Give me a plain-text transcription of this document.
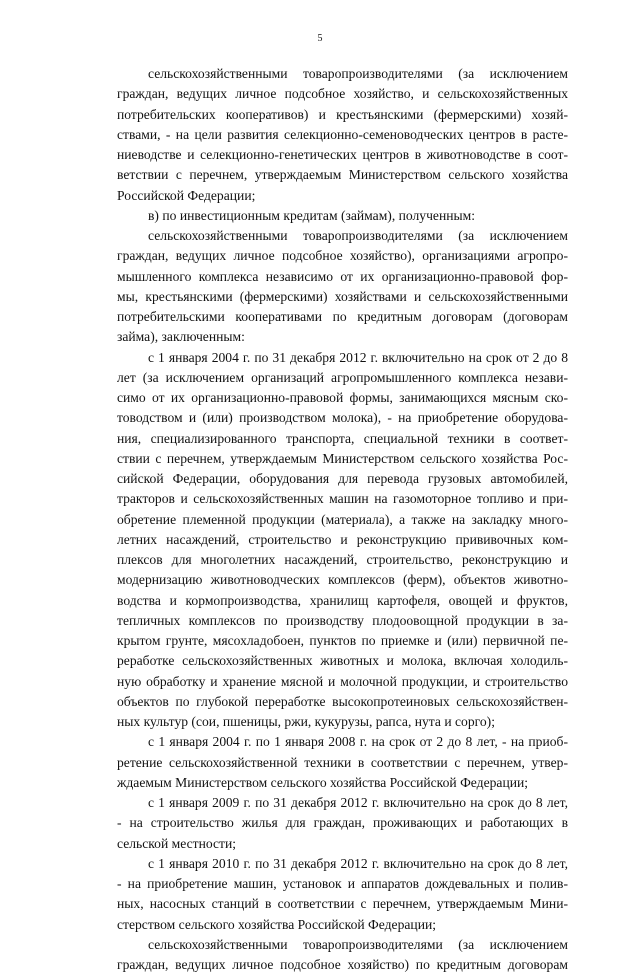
5
сельскохозяйственными товаропроизводителями (за исключением
граждан, ведущих личное подсобное хозяйство, и сельскохозяйственных
потребительских кооперативов) и крестьянскими (фермерскими) хозяй-
ствами, - на цели развития селекционно-семеноводческих центров в расте-
ниеводстве и селекционно-генетических центров в животноводстве в соот-
ветствии с перечнем, утверждаемым Министерством сельского хозяйства
Российской Федерации;
в) по инвестиционным кредитам (займам), полученным:
сельскохозяйственными товаропроизводителями (за исключением
граждан, ведущих личное подсобное хозяйство), организациями агропро-
мышленного комплекса независимо от их организационно-правовой фор-
мы, крестьянскими (фермерскими) хозяйствами и сельскохозяйственными
потребительскими кооперативами по кредитным договорам (договорам
займа), заключенным:
с 1 января 2004 г. по 31 декабря 2012 г. включительно на срок от 2 до 8
лет (за исключением организаций агропромышленного комплекса незави-
симо от их организационно-правовой формы, занимающихся мясным ско-
товодством и (или) производством молока), - на приобретение оборудова-
ния, специализированного транспорта, специальной техники в соответ-
ствии с перечнем, утверждаемым Министерством сельского хозяйства Рос-
сийской Федерации, оборудования для перевода грузовых автомобилей,
тракторов и сельскохозяйственных машин на газомоторное топливо и при-
обретение племенной продукции (материала), а также на закладку много-
летних насаждений, строительство и реконструкцию прививочных ком-
плексов для многолетних насаждений, строительство, реконструкцию и
модернизацию животноводческих комплексов (ферм), объектов животно-
водства и кормопроизводства, хранилищ картофеля, овощей и фруктов,
тепличных комплексов по производству плодоовощной продукции в за-
крытом грунте, мясохладобоен, пунктов по приемке и (или) первичной пе-
реработке сельскохозяйственных животных и молока, включая холодиль-
ную обработку и хранение мясной и молочной продукции, и строительство
объектов по глубокой переработке высокопротеиновых сельскохозяйствен-
ных культур (сои, пшеницы, ржи, кукурузы, рапса, нута и сорго);
с 1 января 2004 г. по 1 января 2008 г. на срок от 2 до 8 лет, - на приоб-
ретение сельскохозяйственной техники в соответствии с перечнем, утвер-
ждаемым Министерством сельского хозяйства Российской Федерации;
с 1 января 2009 г. по 31 декабря 2012 г. включительно на срок до 8 лет,
- на строительство жилья для граждан, проживающих и работающих в
сельской местности;
с 1 января 2010 г. по 31 декабря 2012 г. включительно на срок до 8 лет,
- на приобретение машин, установок и аппаратов дождевальных и полив-
ных, насосных станций в соответствии с перечнем, утверждаемым Мини-
стерством сельского хозяйства Российской Федерации;
сельскохозяйственными товаропроизводителями (за исключением
граждан, ведущих личное подсобное хозяйство) по кредитным договорам
